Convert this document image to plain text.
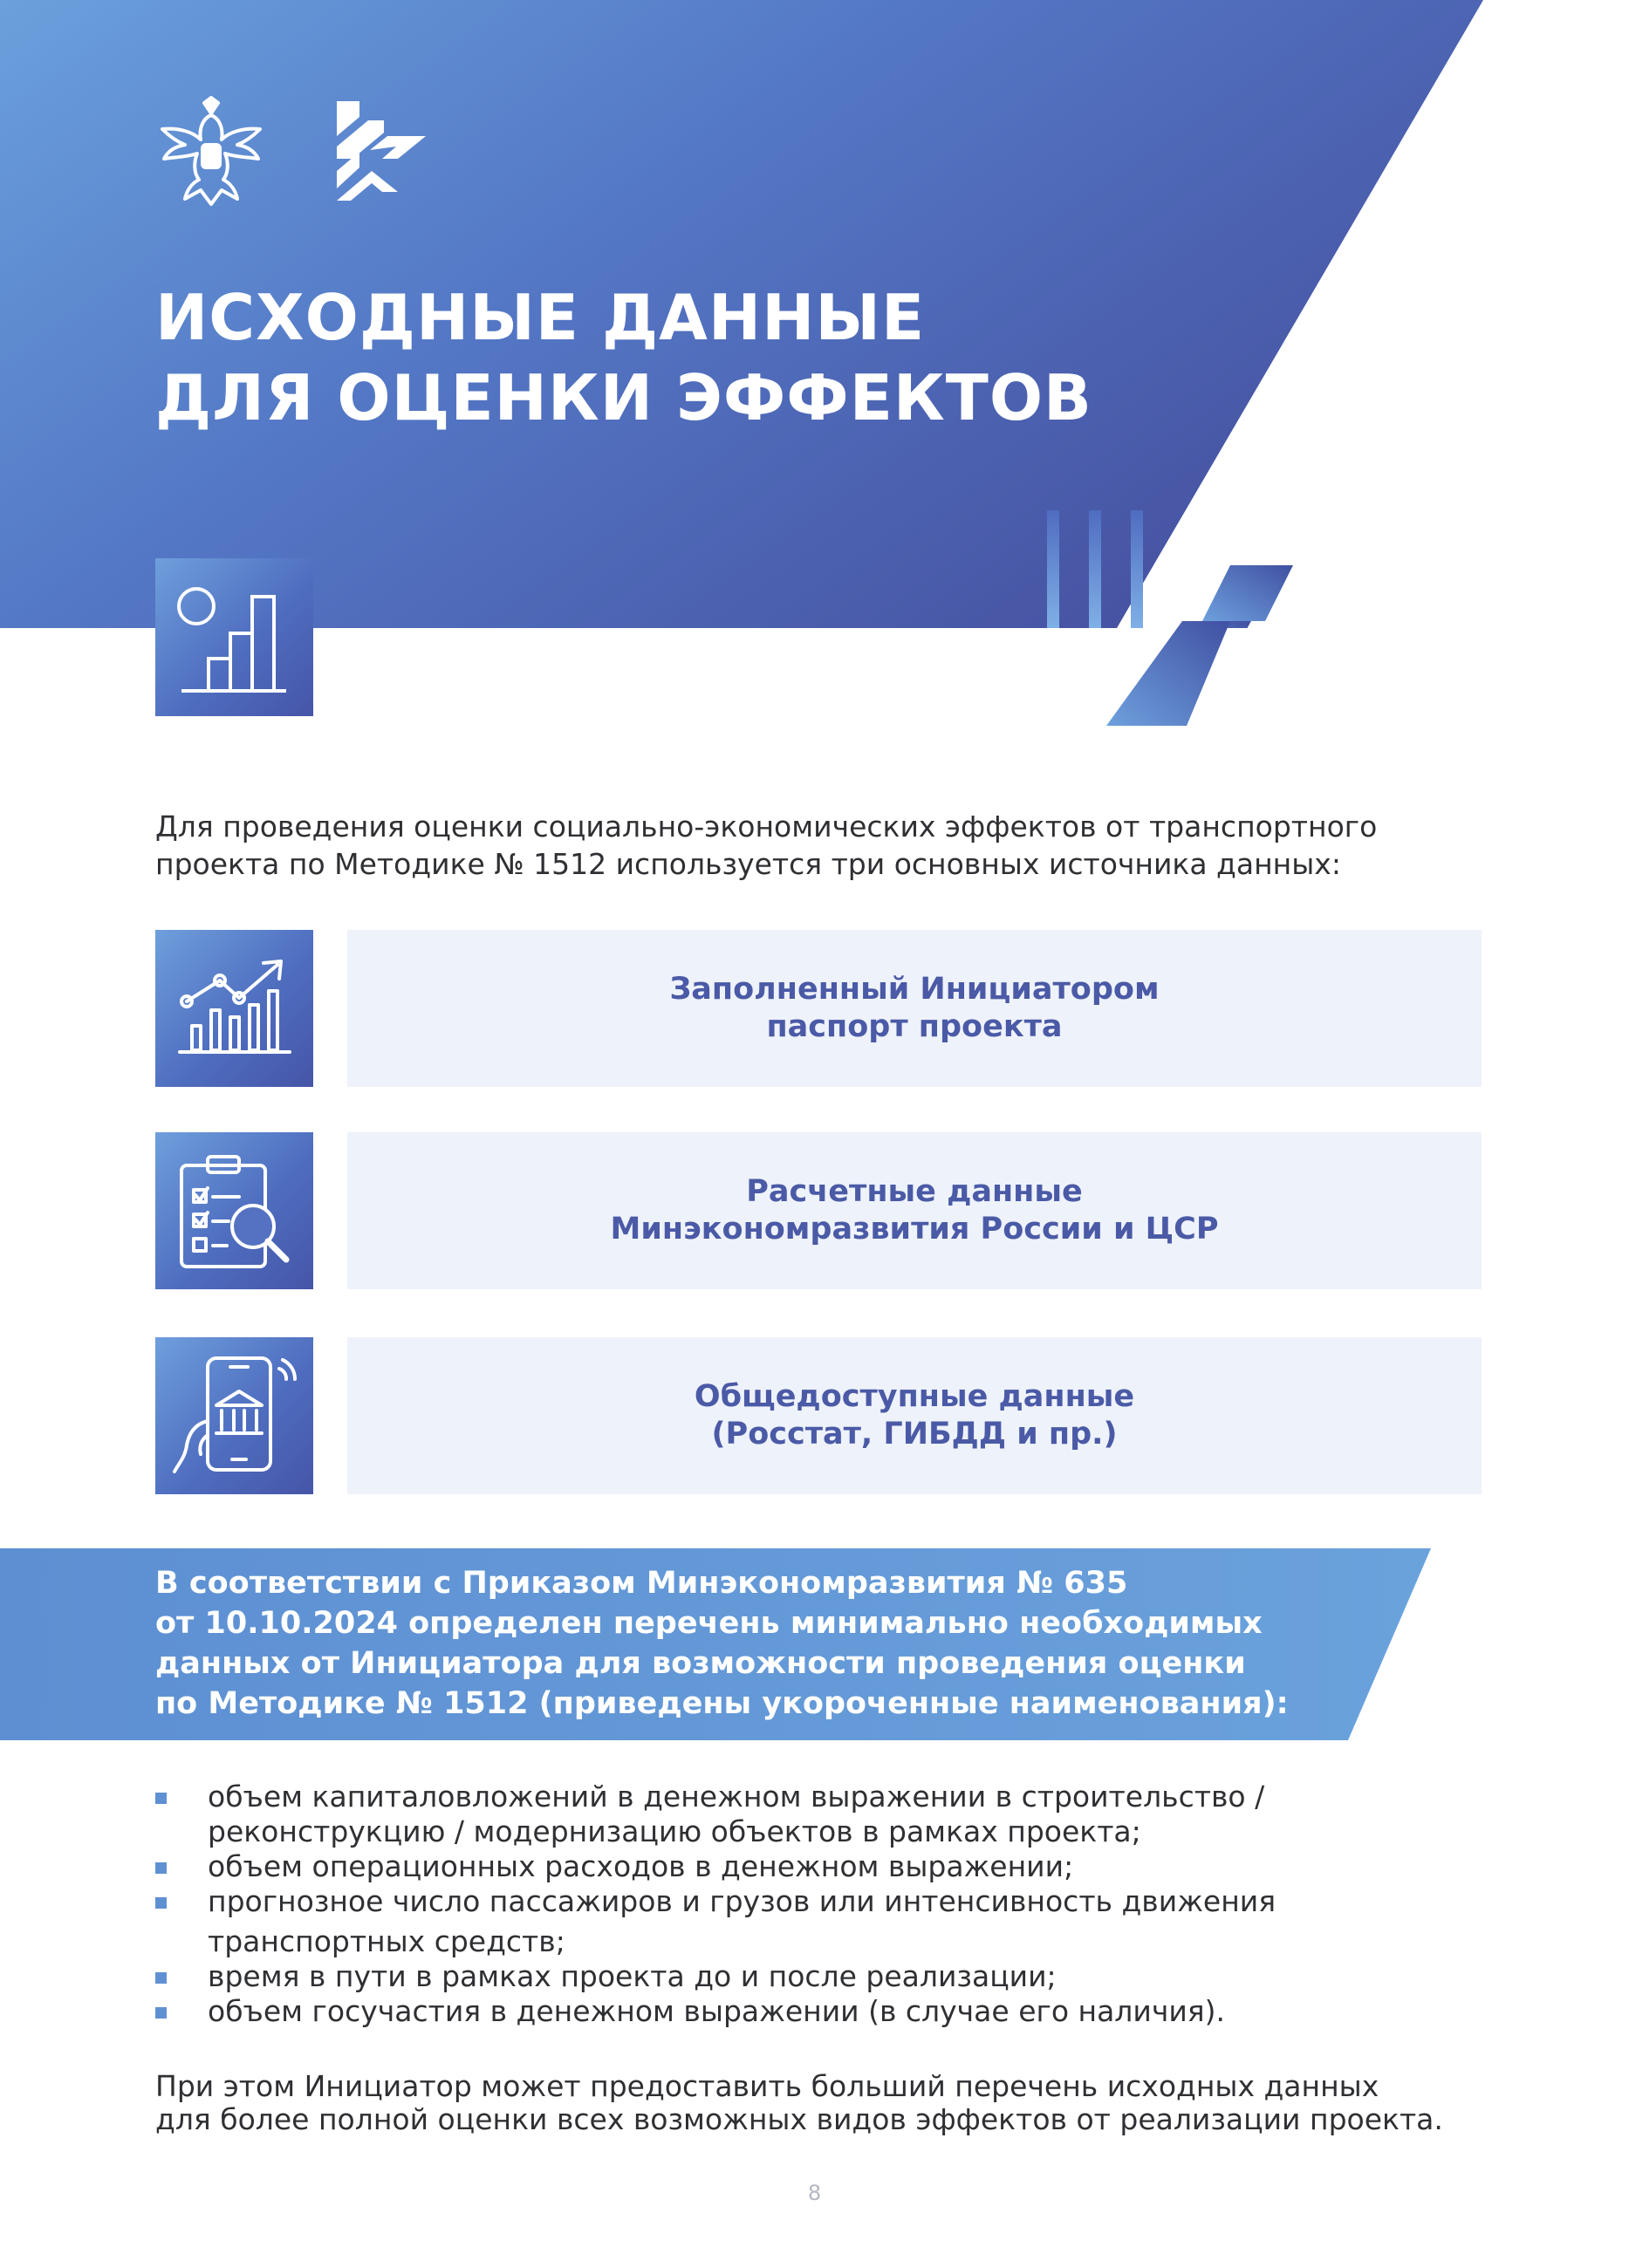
ИСХОДНЫЕ ДАННЫЕ
ДЛЯ ОЦЕНКИ ЭФФЕКТОВ

Для проведения оценки социально-экономических эффектов от транспортного
проекта по Методике № 1512 используется три основных источника данных:

Заполненный Инициатором
паспорт проекта
Расчетные данные
Минэкономразвития России и ЦСР
Общедоступные данные
(Росстат, ГИБДД и пр.)

В соответствии с Приказом Минэкономразвития № 635
от 10.10.2024 определен перечень минимально необходимых
данных от Инициатора для возможности проведения оценки
по Методике № 1512 (приведены укороченные наименования):

объем капиталовложений в денежном выражении в строительство /
реконструкцию / модернизацию объектов в рамках проекта;
объем операционных расходов в денежном выражении;
прогнозное число пассажиров и грузов или интенсивность движения
транспортных средств;
время в пути в рамках проекта до и после реализации;
объем госучастия в денежном выражении (в случае его наличия).

При этом Инициатор может предоставить больший перечень исходных данных
для более полной оценки всех возможных видов эффектов от реализации проекта.

8
